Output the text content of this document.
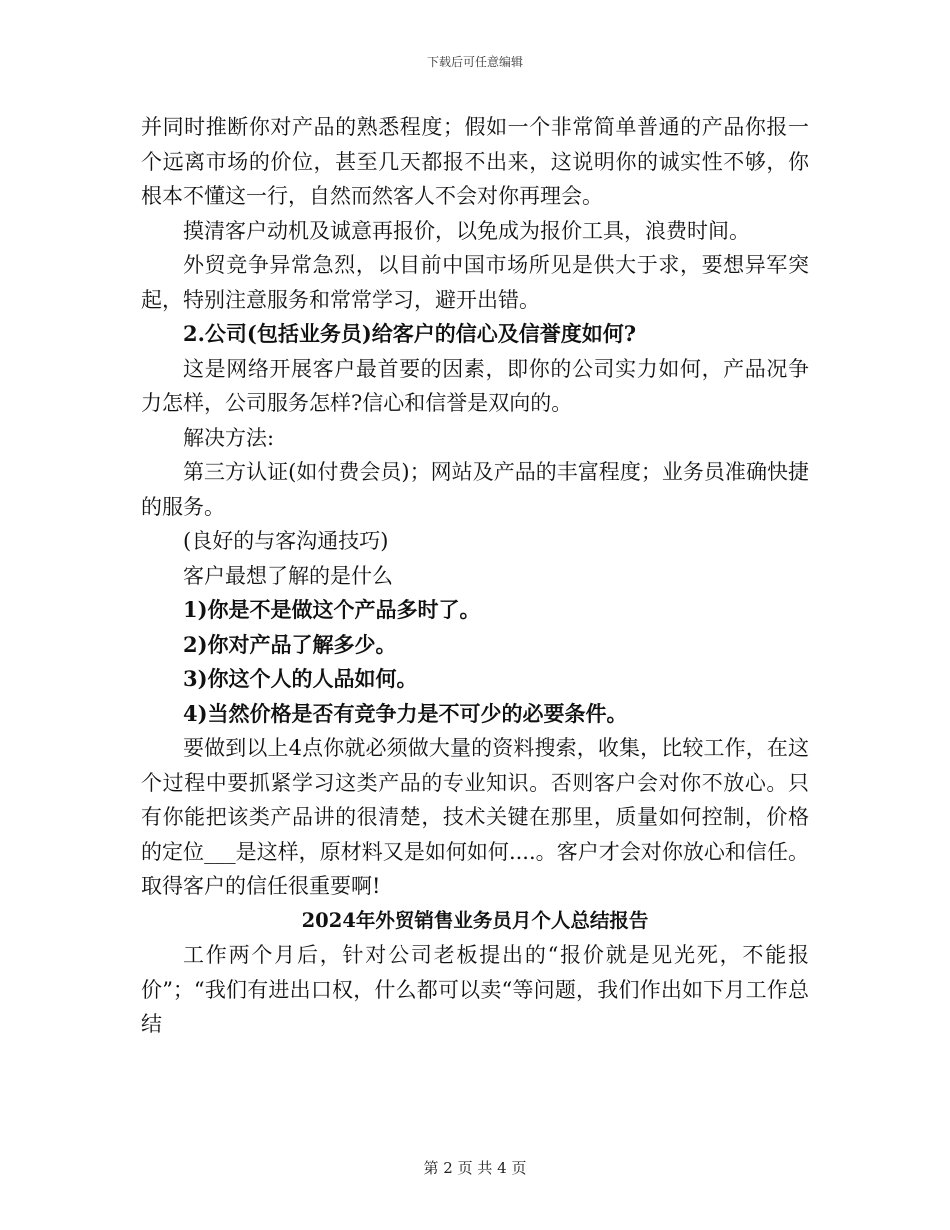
下载后可任意编辑

并同时推断你对产品的熟悉程度；假如一个非常简单普通的产品你报一个远离市场的价位，甚至几天都报不出来，这说明你的诚实性不够，你根本不懂这一行，自然而然客人不会对你再理会。

摸清客户动机及诚意再报价，以免成为报价工具，浪费时间。

外贸竞争异常急烈，以目前中国市场所见是供大于求，要想异军突起，特别注意服务和常常学习，避开出错。

2.公司(包括业务员)给客户的信心及信誉度如何?

这是网络开展客户最首要的因素，即你的公司实力如何，产品况争力怎样，公司服务怎样?信心和信誉是双向的。

解决方法:

第三方认证(如付费会员)；网站及产品的丰富程度；业务员准确快捷的服务。

(良好的与客沟通技巧)

客户最想了解的是什么

1)你是不是做这个产品多时了。

2)你对产品了解多少。

3)你这个人的人品如何。

4)当然价格是否有竞争力是不可少的必要条件。

要做到以上4点你就必须做大量的资料搜索，收集，比较工作，在这个过程中要抓紧学习这类产品的专业知识。否则客户会对你不放心。只有你能把该类产品讲的很清楚，技术关键在那里，质量如何控制，价格的定位___是这样，原材料又是如何如何....。客户才会对你放心和信任。取得客户的信任很重要啊!

2024年外贸销售业务员月个人总结报告

工作两个月后，针对公司老板提出的“报价就是见光死，不能报价”；“我们有进出口权，什么都可以卖“等问题，我们作出如下月工作总结

第 2 页 共 4 页
